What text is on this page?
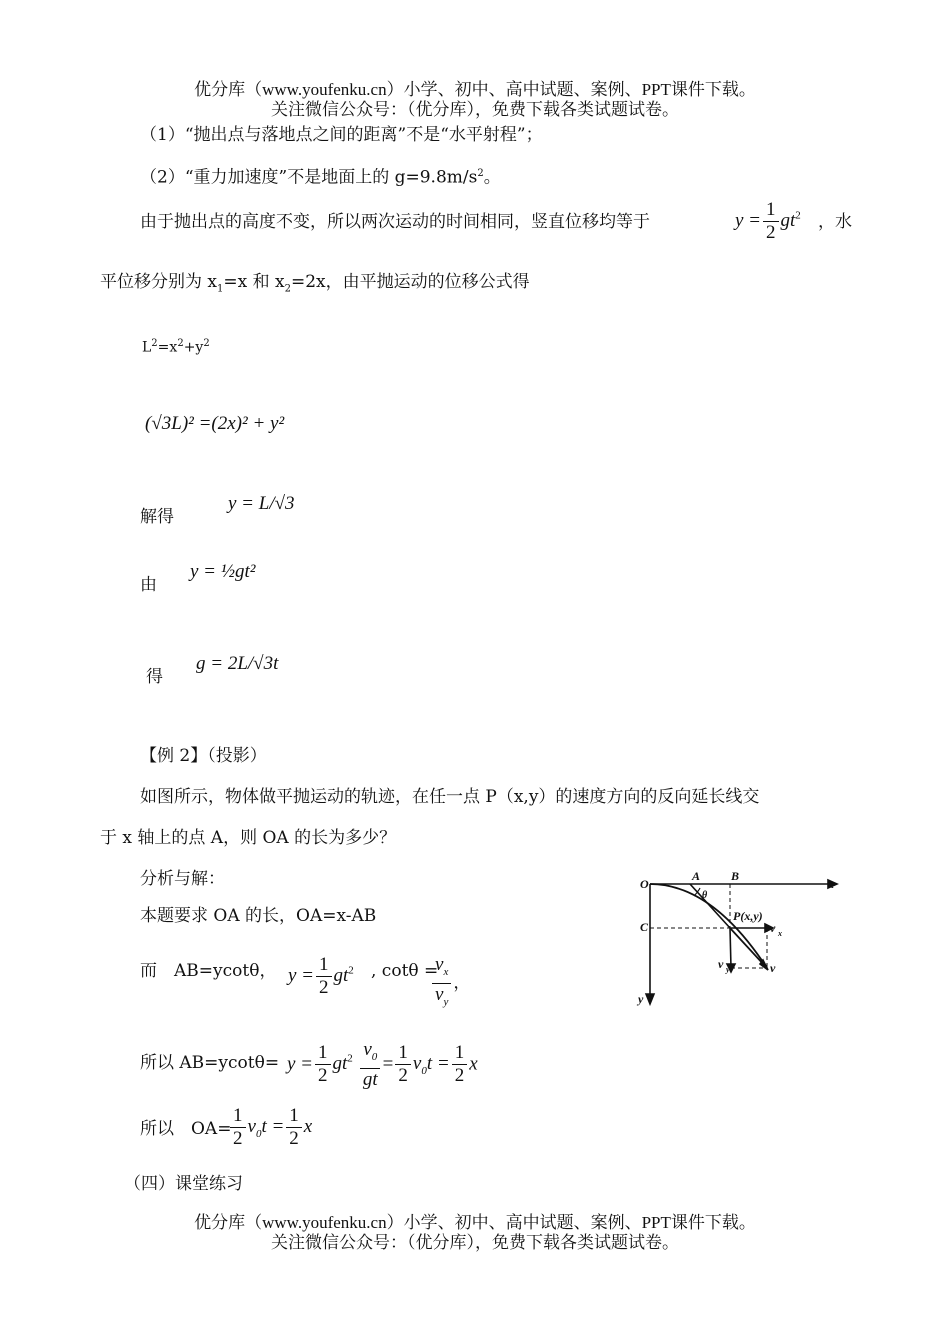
优分库（www.youfenku.cn）小学、初中、高中试题、案例、PPT课件下载。
关注微信公众号：（优分库），免费下载各类试题试卷。
（1）“抛出点与落地点之间的距离”不是“水平射程”；
（2）“重力加速度”不是地面上的 $g=9.8m/s^2$。
由于抛出点的高度不变，所以两次运动的时间相同，竖直位移均等于	$y = \frac{1}{2} gt^2$ ，水
平位移分别为 $x_1=x$ 和 $x_2=2x$，由平抛运动的位移公式得
$L^2=x^2+y^2$
(√3L)² =(2x)² + y²
解得
y = L/√3
由
y = ½gt²
得
g = 2L/√3t
【例 2】（投影）
如图所示，物体做平抛运动的轨迹，在任一点 P（x,y）的速度方向的反向延长线交
于 x 轴上的点 A，则 OA 的长为多少？
分析与解：
本题要求 OA 的长，OA=x-AB
而　AB=ycotθ， $y = \frac{1}{2} gt^2$ , cotθ =
$\frac{v_x}{v_y}$ ，
所以 $AB=ycot\theta= y = \frac{1}{2} gt^2 \frac{v_0}{gt} = \frac{1}{2} v_0t = \frac{1}{2}$ x
所以　OA=
$\frac{1}{2} v_0t = \frac{1}{2}$ x
（四）课堂练习
O
A	B
C
x
y
θ
P(x,y)
v x
v y	v
优分库（www.youfenku.cn）小学、初中、高中试题、案例、PPT课件下载。
关注微信公众号：（优分库），免费下载各类试题试卷。
